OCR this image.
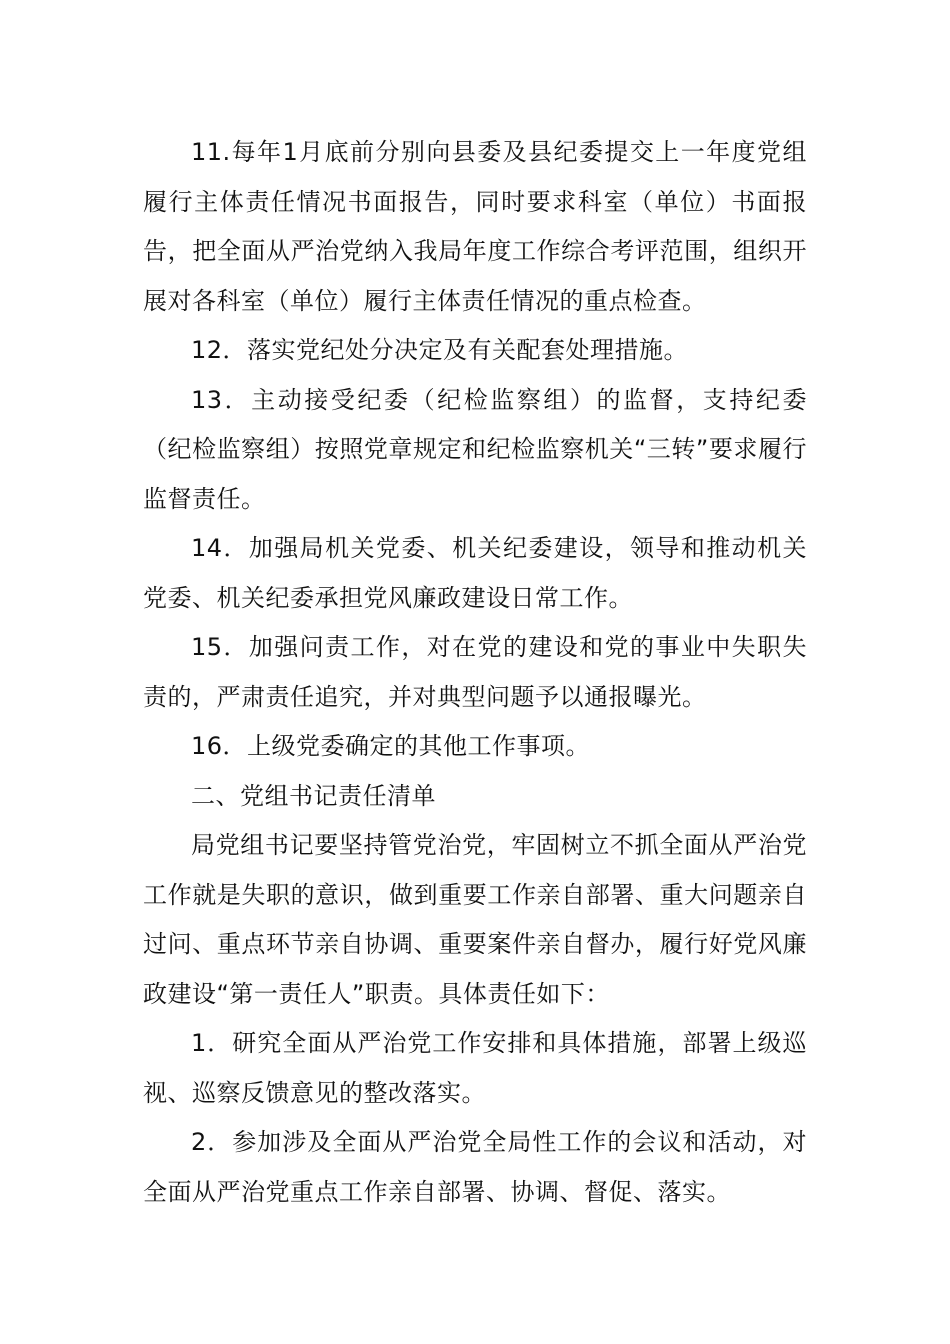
11.每年1月底前分别向县委及县纪委提交上一年度党组履行主体责任情况书面报告，同时要求科室（单位）书面报告，把全面从严治党纳入我局年度工作综合考评范围，组织开展对各科室（单位）履行主体责任情况的重点检查。

12．落实党纪处分决定及有关配套处理措施。

13．主动接受纪委（纪检监察组）的监督，支持纪委（纪检监察组）按照党章规定和纪检监察机关“三转”要求履行监督责任。

14．加强局机关党委、机关纪委建设，领导和推动机关党委、机关纪委承担党风廉政建设日常工作。

15．加强问责工作，对在党的建设和党的事业中失职失责的，严肃责任追究，并对典型问题予以通报曝光。

16．上级党委确定的其他工作事项。

二、党组书记责任清单

局党组书记要坚持管党治党，牢固树立不抓全面从严治党工作就是失职的意识，做到重要工作亲自部署、重大问题亲自过问、重点环节亲自协调、重要案件亲自督办，履行好党风廉政建设“第一责任人”职责。具体责任如下：

1．研究全面从严治党工作安排和具体措施，部署上级巡视、巡察反馈意见的整改落实。

2．参加涉及全面从严治党全局性工作的会议和活动，对全面从严治党重点工作亲自部署、协调、督促、落实。
